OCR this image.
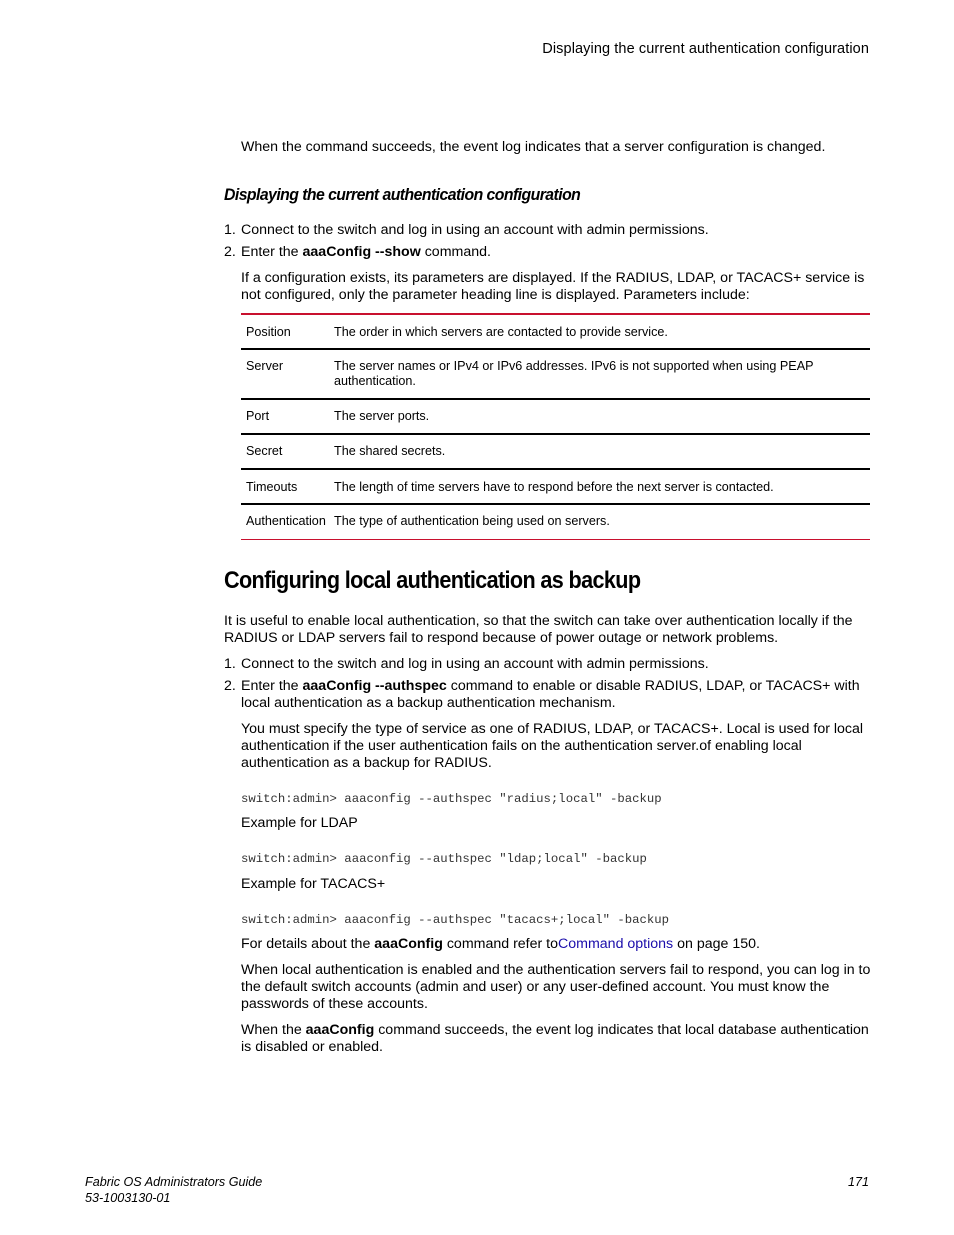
Displaying the current authentication configuration
When the command succeeds, the event log indicates that a server configuration is changed.
Displaying the current authentication configuration
1. Connect to the switch and log in using an account with admin permissions.
2. Enter the aaaConfig --show command.
If a configuration exists, its parameters are displayed. If the RADIUS, LDAP, or TACACS+ service is
not configured, only the parameter heading line is displayed. Parameters include:
Position	The order in which servers are contacted to provide service.

Server	The server names or IPv4 or IPv6 addresses. IPv6 is not supported when using PEAP
authentication.

Port	The server ports.

Secret	The shared secrets.

Timeouts	The length of time servers have to respond before the next server is contacted.

Authentication	The type of authentication being used on servers.
Configuring local authentication as backup
It is useful to enable local authentication, so that the switch can take over authentication locally if the
RADIUS or LDAP servers fail to respond because of power outage or network problems.
1. Connect to the switch and log in using an account with admin permissions.
2. Enter the aaaConfig --authspec command to enable or disable RADIUS, LDAP, or TACACS+ with
local authentication as a backup authentication mechanism.
You must specify the type of service as one of RADIUS, LDAP, or TACACS+. Local is used for local
authentication if the user authentication fails on the authentication server.of enabling local
authentication as a backup for RADIUS.
switch:admin> aaaconfig --authspec "radius;local" -backup
Example for LDAP
switch:admin> aaaconfig --authspec "ldap;local" -backup
Example for TACACS+
switch:admin> aaaconfig --authspec "tacacs+;local" -backup
For details about the aaaConfig command refer toCommand options on page 150.
When local authentication is enabled and the authentication servers fail to respond, you can log in to
the default switch accounts (admin and user) or any user-defined account. You must know the
passwords of these accounts.
When the aaaConfig command succeeds, the event log indicates that local database authentication
is disabled or enabled.
Fabric OS Administrators Guide
53-1003130-01
171
